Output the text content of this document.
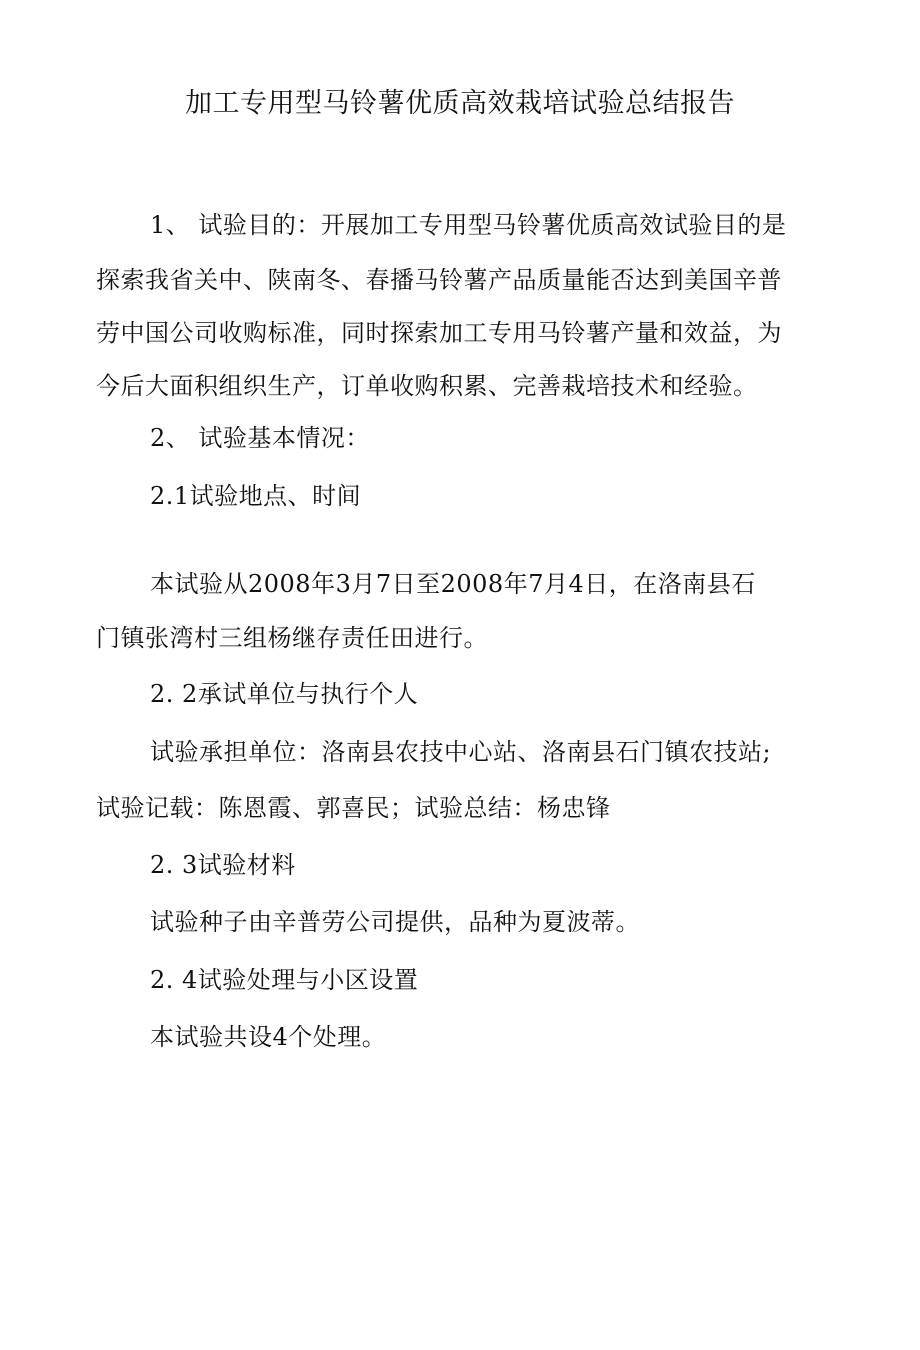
加工专用型马铃薯优质高效栽培试验总结报告
1、 试验目的：开展加工专用型马铃薯优质高效试验目的是
探索我省关中、陕南冬、春播马铃薯产品质量能否达到美国辛普
劳中国公司收购标准，同时探索加工专用马铃薯产量和效益，为
今后大面积组织生产，订单收购积累、完善栽培技术和经验。
2、 试验基本情况：
2.1试验地点、时间
本试验从2008年3月7日至2008年7月4日，在洛南县石
门镇张湾村三组杨继存责任田进行。
2. 2承试单位与执行个人
试验承担单位：洛南县农技中心站、洛南县石门镇农技站;
试验记载：陈恩霞、郭喜民；试验总结：杨忠锋
2. 3试验材料
试验种子由辛普劳公司提供，品种为夏波蒂。
2. 4试验处理与小区设置
本试验共设4个处理。
